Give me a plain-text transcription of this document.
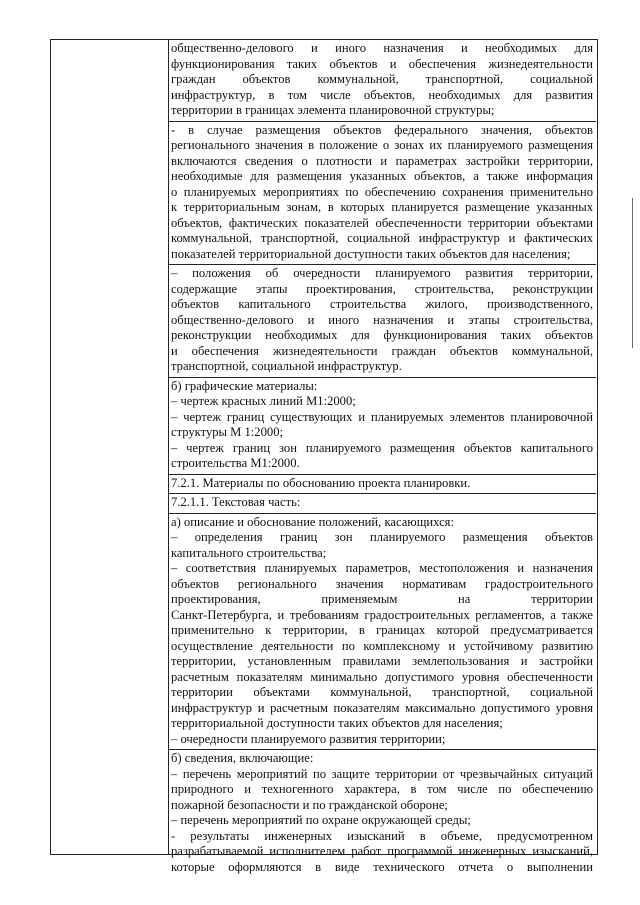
общественно-делового и иного назначения и необходимых для
функционирования таких объектов и обеспечения жизнедеятельности
граждан объектов коммунальной, транспортной, социальной
инфраструктур, в том числе объектов, необходимых для развития
территории в границах элемента планировочной структуры;
- в случае размещения объектов федерального значения, объектов
регионального значения в положение о зонах их планируемого размещения
включаются сведения о плотности и параметрах застройки территории,
необходимые для размещения указанных объектов, а также информация
о планируемых мероприятиях по обеспечению сохранения применительно
к территориальным зонам, в которых планируется размещение указанных
объектов, фактических показателей обеспеченности территории объектами
коммунальной, транспортной, социальной инфраструктур и фактических
показателей территориальной доступности таких объектов для населения;
– положения об очередности планируемого развития территории,
содержащие этапы проектирования, строительства, реконструкции
объектов капитального строительства жилого, производственного,
общественно-делового и иного назначения и этапы строительства,
реконструкции необходимых для функционирования таких объектов
и обеспечения жизнедеятельности граждан объектов коммунальной,
транспортной, социальной инфраструктур.
б) графические материалы:
– чертеж красных линий М1:2000;
– чертеж границ существующих и планируемых элементов планировочной
структуры М 1:2000;
– чертеж границ зон планируемого размещения объектов капитального
строительства М1:2000.
7.2.1. Материалы по обоснованию проекта планировки.
7.2.1.1. Текстовая часть:
а) описание и обоснование положений, касающихся:
– определения границ зон планируемого размещения объектов
капитального строительства;
– соответствия планируемых параметров, местоположения и назначения
объектов регионального значения нормативам градостроительного
проектирования, применяемым на территории
Санкт-Петербурга, и требованиям градостроительных регламентов, а также
применительно к территории, в границах которой предусматривается
осуществление деятельности по комплексному и устойчивому развитию
территории, установленным правилами землепользования и застройки
расчетным показателям минимально допустимого уровня обеспеченности
территории объектами коммунальной, транспортной, социальной
инфраструктур и расчетным показателям максимально допустимого уровня
территориальной доступности таких объектов для населения;
– очередности планируемого развития территории;
б) сведения, включающие:
– перечень мероприятий по защите территории от чрезвычайных ситуаций
природного и техногенного характера, в том числе по обеспечению
пожарной безопасности и по гражданской обороне;
– перечень мероприятий по охране окружающей среды;
- результаты инженерных изысканий в объеме, предусмотренном
разрабатываемой исполнителем работ программой инженерных изысканий,
которые оформляются в виде технического отчета о выполнении
